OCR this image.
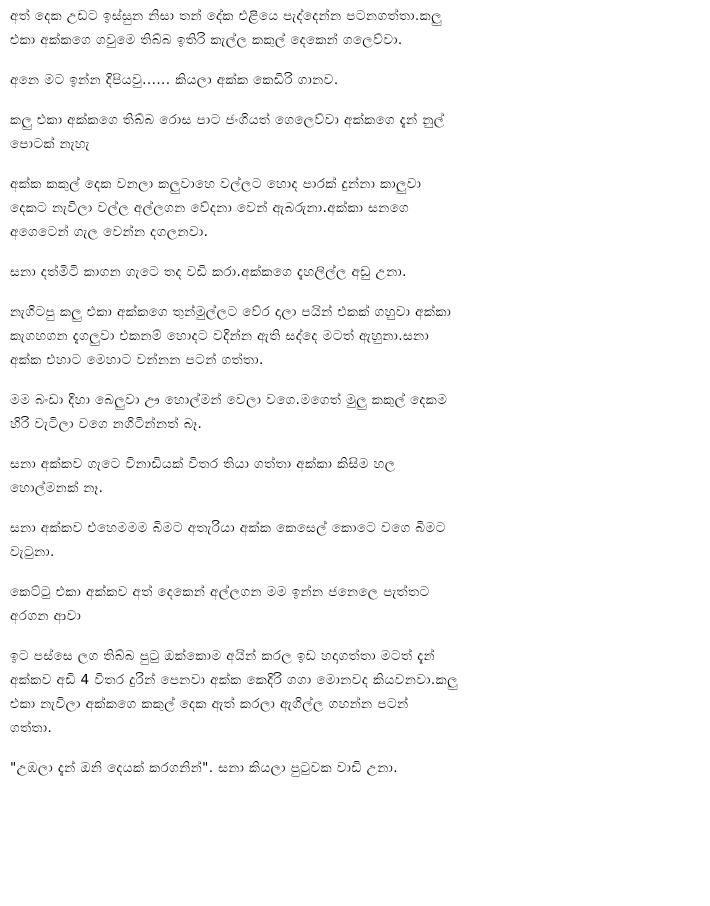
අත් දෙක උඩට ඉස්සුන නිසා තන් දේක එළියෙ පැද්දෙන්න පටනගත්තා.කලු
එකා අක්කගෙ ගවුමෙ තිබ්බ ඉතිරි කැල්ල කකුල් දෙකෙන් ගලෙව්වා.

අනෙ මට ඉන්න දිපියවු...... කියලා අක්ක කෙඩිරි ගානව.

කලු එකා අක්කගෙ තිබ්බ රොස පාට ජංගියත් ගෙලෙව්වා අක්කගෙ දැන් නුල්
පොටක් නැහැ

අක්ක කකුල් දෙක වනලා කලුවාහෙ වල්ලට හොද පාරක් දුන්නා කාලුවා
දෙකට නැවිලා වල්ල අල්ලගන වේදනා වෙන් ඇබරුනා.අක්කා සනගෙ
අගෙටෙන් ගැල වෙන්න දගලනවා.

සනා දත්මිටි කාගන ගැටෙ තද වඩි කරා.අක්කගෙ දැහලිල්ල අඩු උනා.

නැගිටපු කලු එකා අක්කගෙ තුන්මුල්ලට වේර දාලා පයින් එකක් ගහුවා අක්කා
කැගහගන දැගලුවා එකනම් හොදට වදින්න ඇති සද්දෙ මටත් ඇහුනා.සනා
අක්ක එහාට මෙහාට වන්නන පටන් ගත්තා.

මම බංඩා දිහා බෙලුවා ඌ හොල්මන් වෙලා වගෙ.මගෙත් මුලු කකුල් දෙකම
හිරි වැටිලා වගෙ නගිටින්නත් බෑ.

සනා අක්කව ගැටෙ විනාඩියක් විතර තියා ගත්තා අක්කා කිසිම හල
හොල්මනක් නෑ.

සනා අක්කව එහෙමමම බිමට අතැරියා අක්ක කෙසෙල් කොටෙ වගෙ බිමට
වැටුනා.

කෙට්ටු එකා අක්කව අත් දෙකෙන් අල්ලගන මම ඉන්න ජනෙලෙ පැත්තට
අරගන ආවා

ඉට පස්සෙ ලග තිබ්බ පුටු ඔක්කොම අයින් කරල ඉඩ හදාගත්තා මටත් දැන්
අක්කව අඩි 4 විතර දුරින් පෙනවා අක්ක කෙදිරි ගගා මොනවද කියවනවා.කලු
එකා නැවිලා අක්කගෙ කකුල් දෙක ඇත් කරලා ඇගිල්ල ගහන්න පටන්
ගත්තා.

"උඹලා දැන් ඔනි දෙයක් කරගනින්". සනා කියලා පුටුවක වාඩි උනා.
